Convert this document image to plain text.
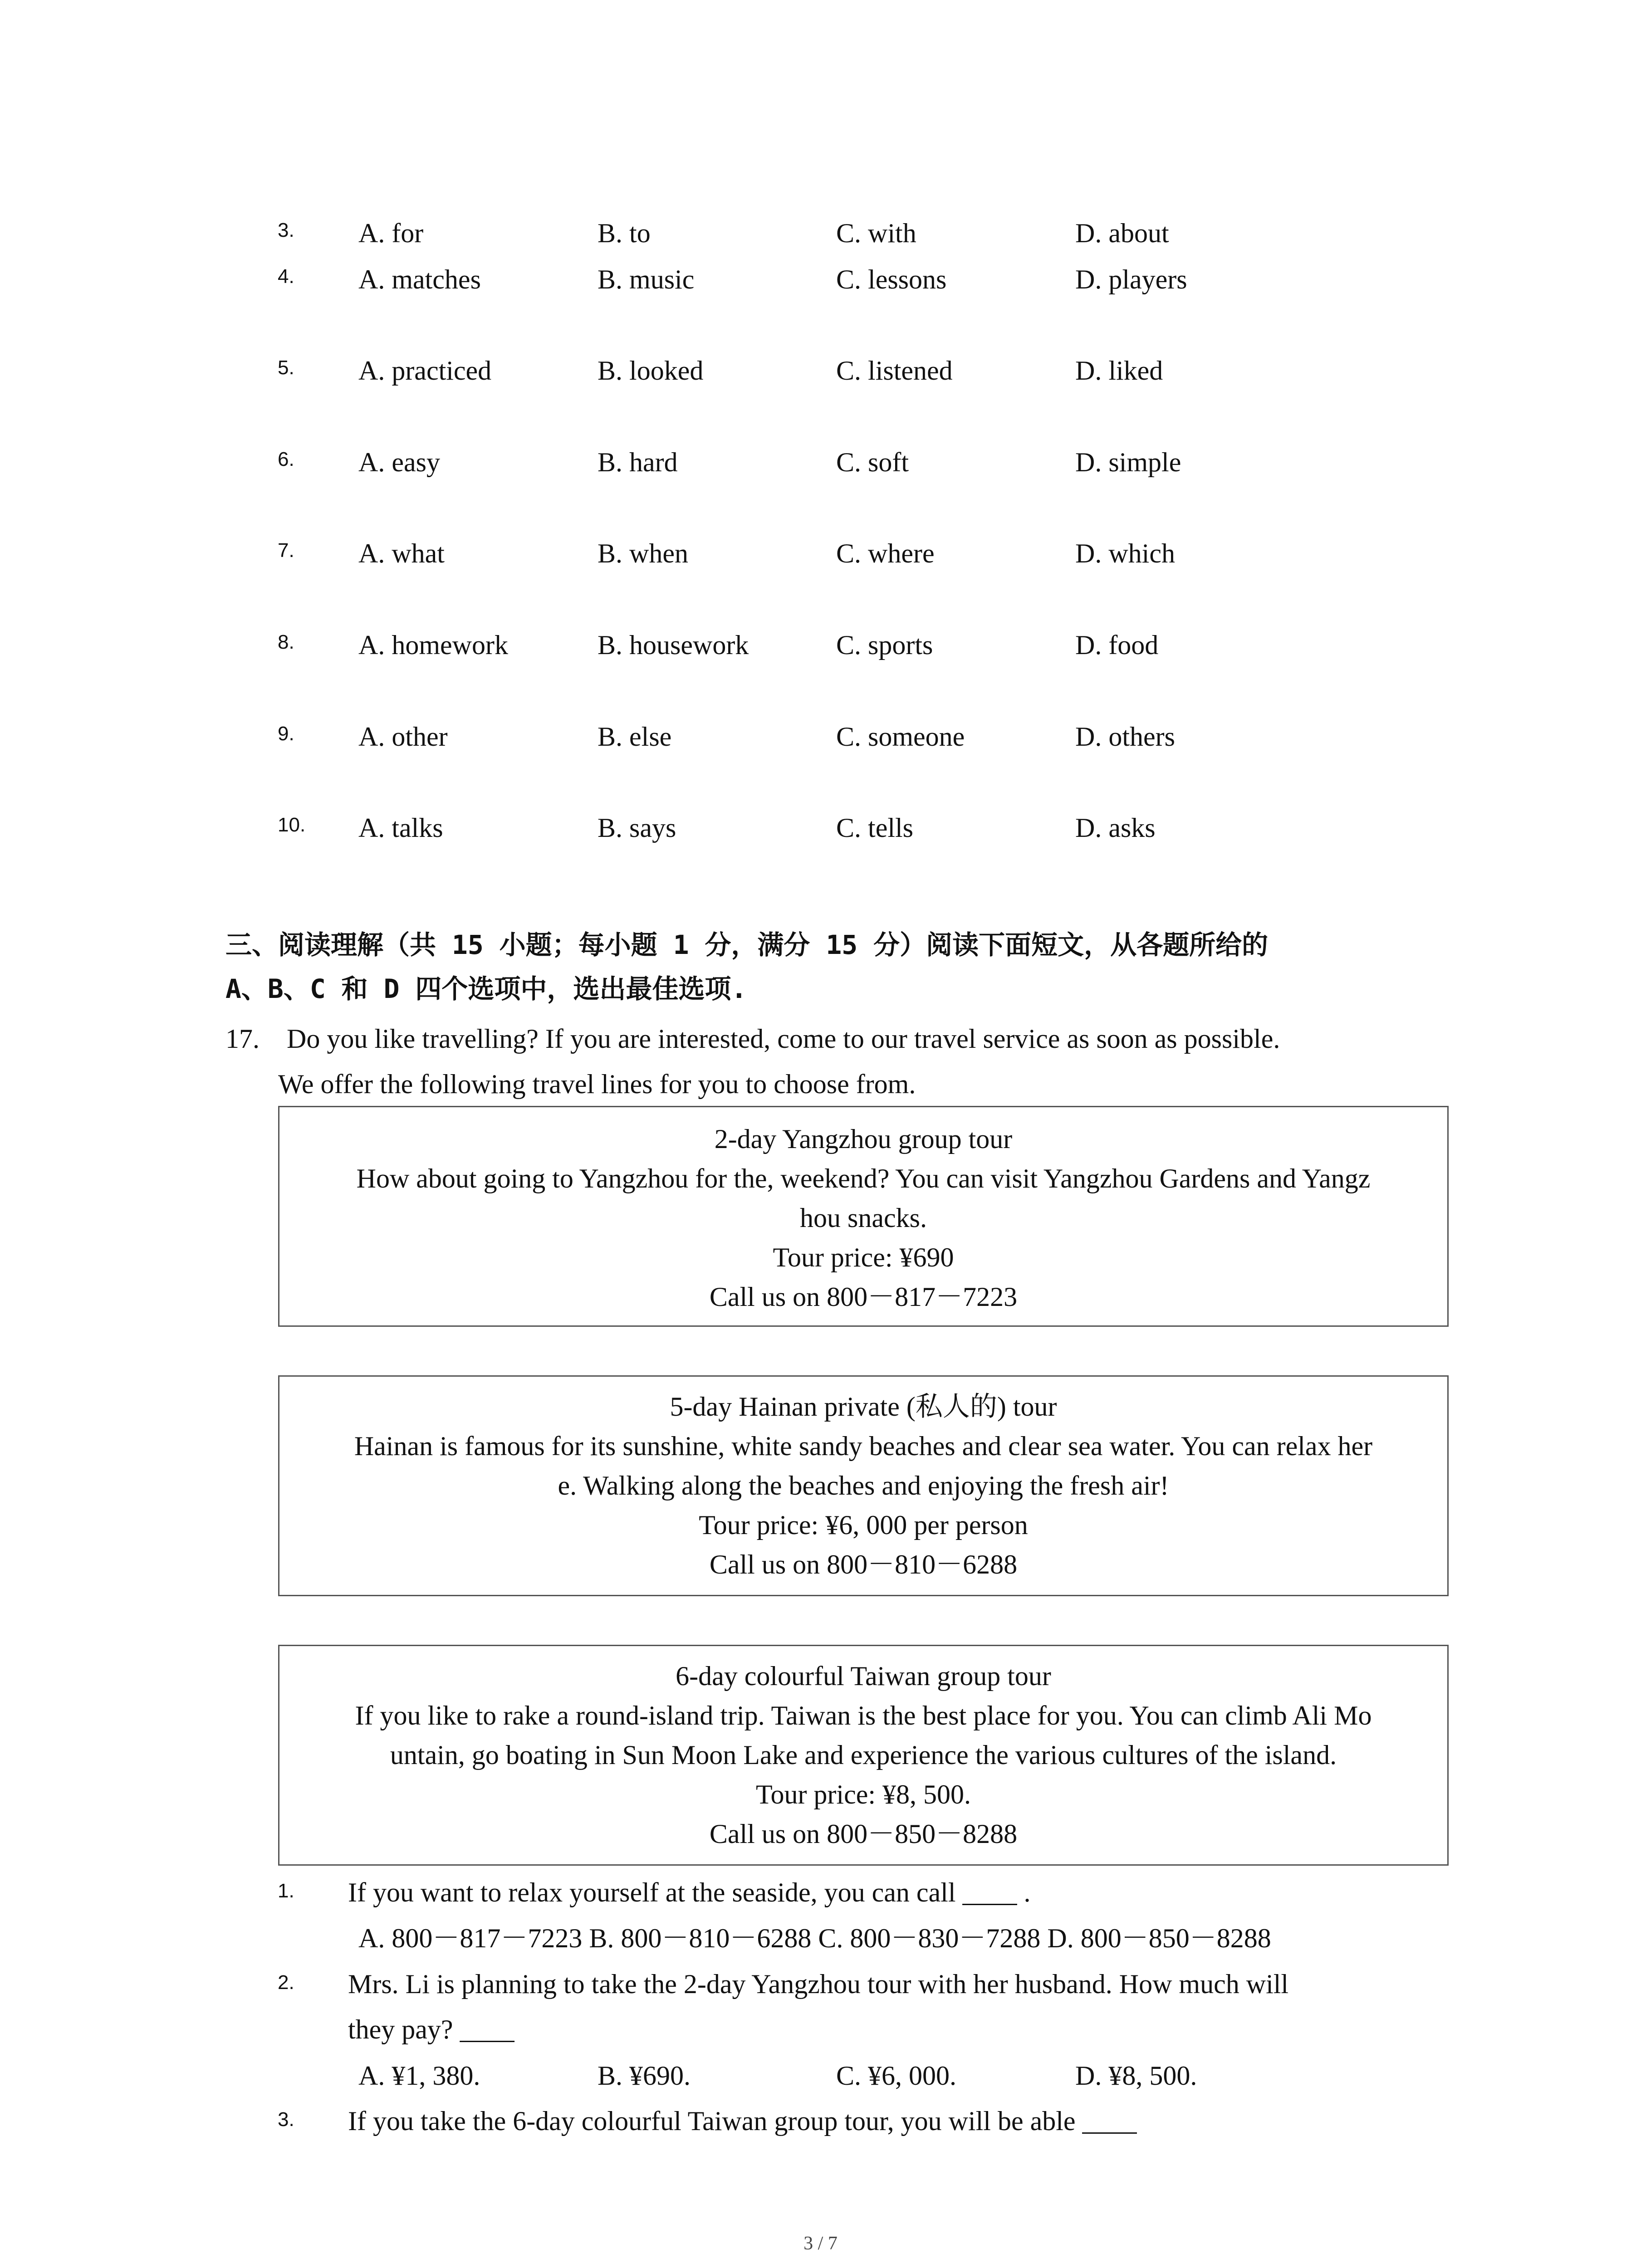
3. A. for	B. to	C. with	D. about
4. A. matches	B. music	C. lessons	D. players
5. A. practiced	B. looked	C. listened	D. liked
6. A. easy	B. hard	C. soft	D. simple
7. A. what	B. when	C. where	D. which
8. A. homework	B. housework	C. sports	D. food
9. A. other	B. else	C. someone	D. others
10. A. talks	B. says	C. tells	D. asks
三、阅读理解（共 15 小题；每小题 1 分，满分 15 分）阅读下面短文，从各题所给的
A、B、C 和 D 四个选项中，选出最佳选项.
17. Do you like travelling? If you are interested, come to our travel service as soon as possible.
We offer the following travel lines for you to choose from.
2-day Yangzhou group tour
How about going to Yangzhou for the, weekend? You can visit Yangzhou Gardens and Yangz
hou snacks.
Tour price: ¥690
Call us on 800－817－7223
5-day Hainan private (私人的) tour
Hainan is famous for its sunshine, white sandy beaches and clear sea water. You can relax her
e. Walking along the beaches and enjoying the fresh air!
Tour price: ¥6, 000 per person
Call us on 800－810－6288
6-day colourful Taiwan group tour
If you like to rake a round-island trip. Taiwan is the best place for you. You can climb Ali Mo
untain, go boating in Sun Moon Lake and experience the various cultures of the island.
Tour price: ¥8, 500.
Call us on 800－850－8288
1. If you want to relax yourself at the seaside, you can call ____ .
A. 800－817－7223 B. 800－810－6288 C. 800－830－7288 D. 800－850－8288
2. Mrs. Li is planning to take the 2-day Yangzhou tour with her husband. How much will
they pay? ____
A. ¥1, 380.	B. ¥690.	C. ¥6, 000.	D. ¥8, 500.
3. If you take the 6-day colourful Taiwan group tour, you will be able ____
3 / 7
